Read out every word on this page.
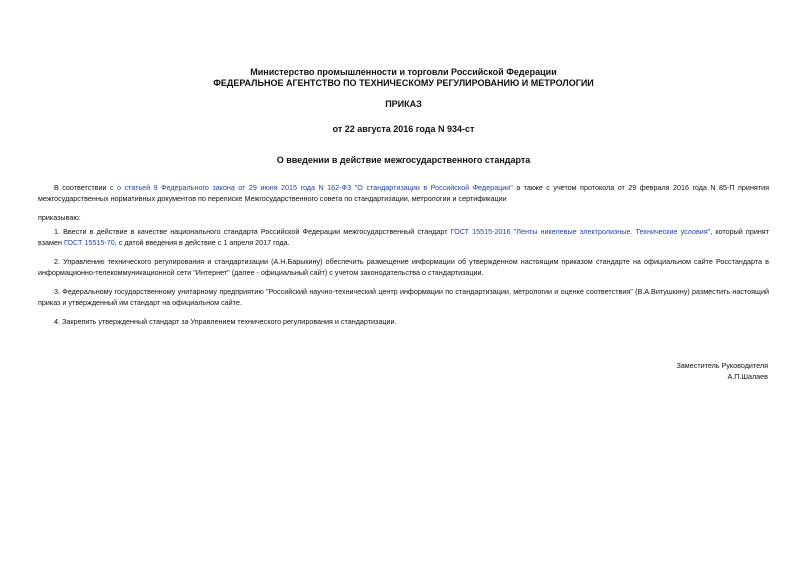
Министерство промышленности и торговли Российской Федерации
ФЕДЕРАЛЬНОЕ АГЕНТСТВО ПО ТЕХНИЧЕСКОМУ РЕГУЛИРОВАНИЮ И МЕТРОЛОГИИ
ПРИКАЗ
от 22 августа 2016 года N 934-ст
О введении в действие межгосударственного стандарта
В соответствии с о статьей 9 Федерального закона от 29 июня 2015 года N 162-ФЗ "О стандартизации в Российской Федерации" а также с учетом протокола от 29 февраля 2016 года N 85-П принятия межгосударственных нормативных документов по переписке Межгосударственного совета по стандартизации, метрологии и сертификации
приказываю:
1. Ввести в действие в качестве национального стандарта Российской Федерации межгосударственный стандарт ГОСТ 15515-2016 "Ленты никелевые электролизные. Технические условия", который принят взамен ГОСТ 15515-70, с датой введения в действие с 1 апреля 2017 года.
2. Управлению технического регулирования и стандартизации (А.Н.Барыкину) обеспечить размещение информации об утвержденном настоящим приказом стандарте на официальном сайте Росстандарта в информационно-телекоммуникационной сети "Интернет" (далее - официальный сайт) с учетом законодательства о стандартизации.
3. Федеральному государственному унитарному предприятию "Российский научно-технический центр информации по стандартизации, метрологии и оценке соответствия" (В.А.Витушкину) разместить настоящий приказ и утвержденный им стандарт на официальном сайте.
4. Закрепить утвержденный стандарт за Управлением технического регулирования и стандартизации.
Заместитель Руководителя
А.П.Шалаев
